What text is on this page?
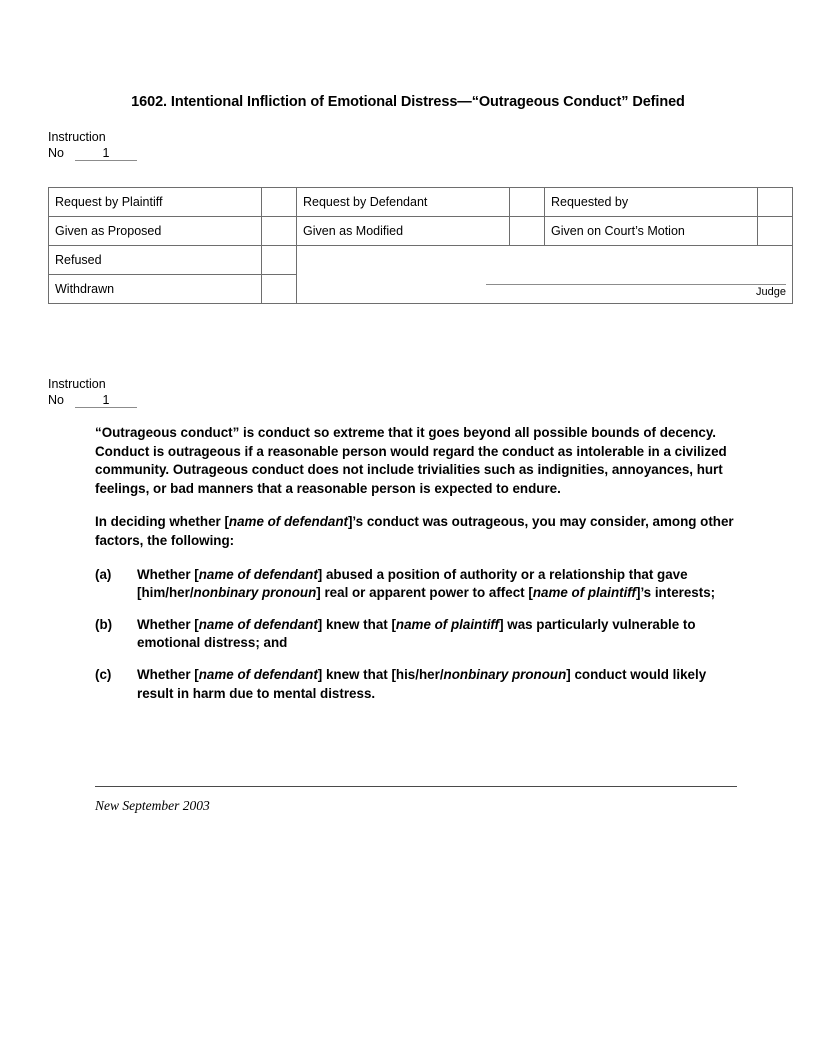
1602. Intentional Infliction of Emotional Distress—“Outrageous Conduct” Defined
Instruction
No	1
Request by Plaintiff		Request by Defendant		Requested by	
Given as Proposed		Given as Modified		Given on Court’s Motion	
Refused		Judge			

Withdrawn					
Instruction
No	1

“Outrageous conduct” is conduct so extreme that it goes beyond all possible bounds of decency. Conduct is outrageous if a reasonable person would regard the conduct as intolerable in a civilized community. Outrageous conduct does not include trivialities such as indignities, annoyances, hurt feelings, or bad manners that a reasonable person is expected to endure.

In deciding whether [name of defendant]’s conduct was outrageous, you may consider, among other factors, the following:

(a)	Whether [name of defendant] abused a position of authority or a relationship that gave [him/her/nonbinary pronoun] real or apparent power to affect [name of plaintiff]’s interests;
(b)	Whether [name of defendant] knew that [name of plaintiff] was particularly vulnerable to emotional distress; and
(c)	Whether [name of defendant] knew that [his/her/nonbinary pronoun] conduct would likely result in harm due to mental distress.
New September 2003
